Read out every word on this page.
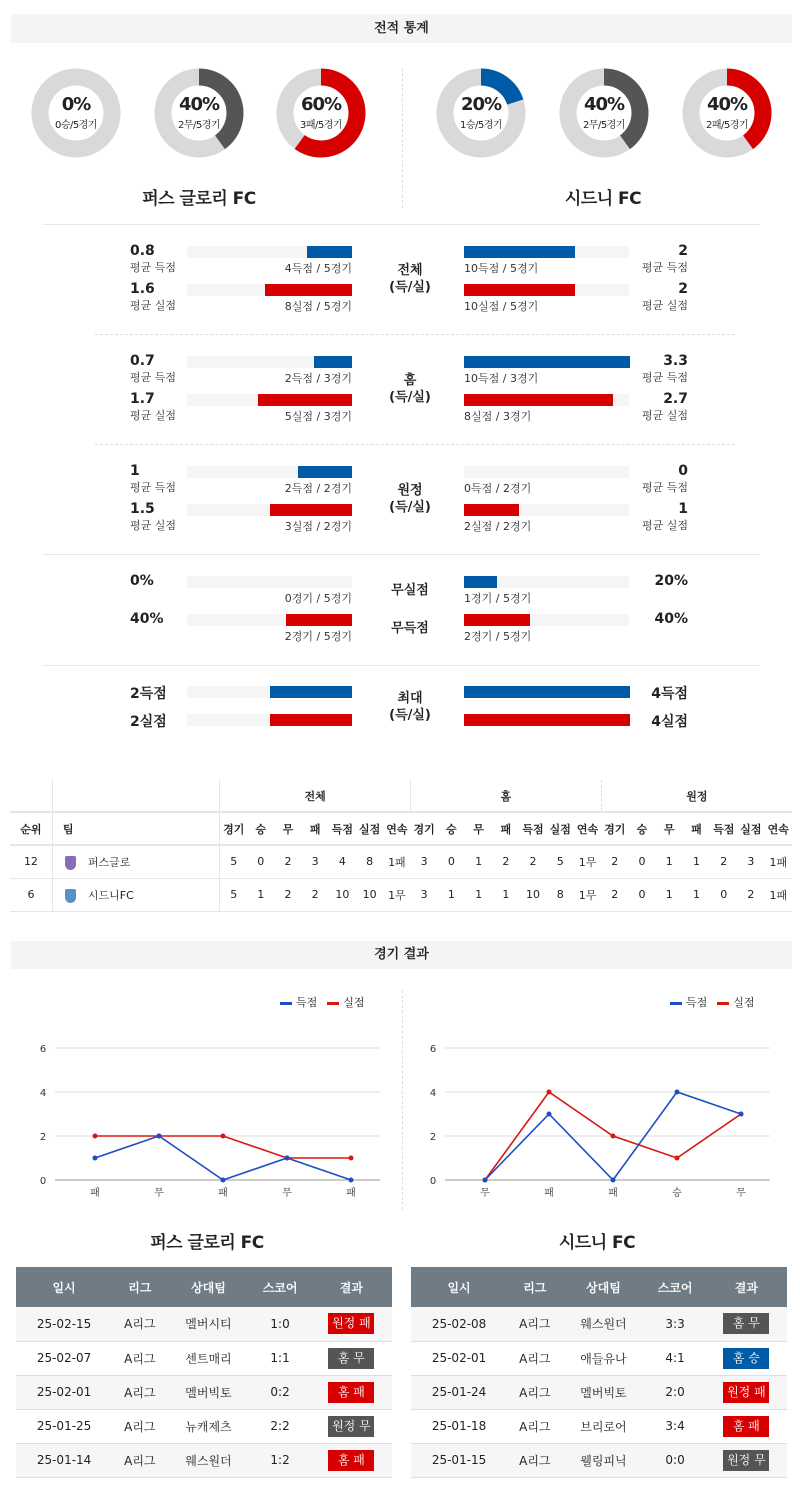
전적 통계
0%
0승/5경기
40%
2무/5경기
60%
3패/5경기
퍼스 글로리 FC
20%
1승/5경기
40%
2무/5경기
40%
2패/5경기
시드니 FC
0.8	2
평균 득점	평균 득점
4득점 / 5경기	10득점 / 5경기
1.6	2
평균 실점	평균 실점
8실점 / 5경기	10실점 / 5경기
전체
(득/실)
0.7	3.3
평균 득점	평균 득점
2득점 / 3경기	10득점 / 3경기
1.7	2.7
평균 실점	평균 실점
5실점 / 3경기	8실점 / 3경기
홈
(득/실)
1	0
평균 득점	평균 득점
2득점 / 2경기	0득점 / 2경기
1.5	1
평균 실점	평균 실점
3실점 / 2경기	2실점 / 2경기
원정
(득/실)
0%	20%
0경기 / 5경기	1경기 / 5경기
무실점
40%	40%
2경기 / 5경기	2경기 / 5경기
무득점
2득점	4득점
2실점	4실점
최대
(득/실)
		전체							홈							원정						
순위	팀	경기	승	무	패	득점	실점	연속	경기	승	무	패	득점	실점	연속	경기	승	무	패	득점	실점	연속
12	퍼스글로	5	0	2	3	4	8	1패	3	0	1	2	2	5	1무	2	0	1	1	2	3	1패
6	시드니FC	5	1	2	2	10	10	1무	3	1	1	1	10	8	1무	2	0	1	1	0	2	1패
경기 결과
득점 실점
0
2
4
6
패	무	패	무	패
퍼스 글로리 FC
득점 실점
0
2
4
6
무	패	패	승	무
시드니 FC
일시	리그	상대팀	스코어	결과
25-02-15	A리그	멜버시티	1:0	원정 패
25-02-07	A리그	센트매리	1:1	홈 무
25-02-01	A리그	멜버빅토	0:2	홈 패
25-01-25	A리그	뉴캐제츠	2:2	원정 무
25-01-14	A리그	웨스원더	1:2	홈 패
일시	리그	상대팀	스코어	결과
25-02-08	A리그	웨스원더	3:3	홈 무
25-02-01	A리그	애들유나	4:1	홈 승
25-01-24	A리그	멜버빅토	2:0	원정 패
25-01-18	A리그	브리로어	3:4	홈 패
25-01-15	A리그	웰링피닉	0:0	원정 무
